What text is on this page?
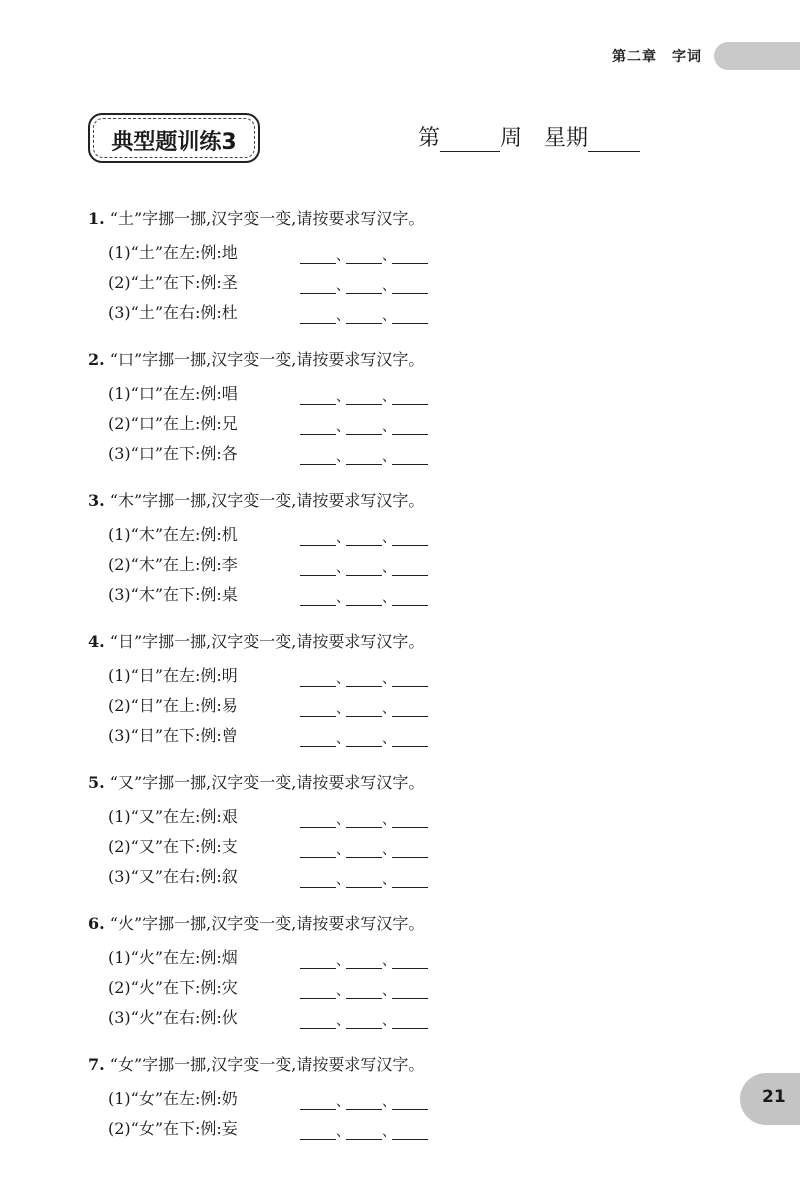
第二章　字词
典型题训练3	第	周　星期
1. “土”字挪一挪,汉字变一变,请按要求写汉字。
(1)“土”在左:例:地	、 、
(2)“土”在下:例:圣	、 、
(3)“土”在右:例:杜	、 、
2. “口”字挪一挪,汉字变一变,请按要求写汉字。
(1)“口”在左:例:唱	、 、
(2)“口”在上:例:兄	、 、
(3)“口”在下:例:各	、 、
3. “木”字挪一挪,汉字变一变,请按要求写汉字。
(1)“木”在左:例:机	、 、
(2)“木”在上:例:李	、 、
(3)“木”在下:例:桌	、 、
4. “日”字挪一挪,汉字变一变,请按要求写汉字。
(1)“日”在左:例:明	、 、
(2)“日”在上:例:易	、 、
(3)“日”在下:例:曾	、 、
5. “又”字挪一挪,汉字变一变,请按要求写汉字。
(1)“又”在左:例:艰	、 、
(2)“又”在下:例:支	、 、
(3)“又”在右:例:叙	、 、
6. “火”字挪一挪,汉字变一变,请按要求写汉字。
(1)“火”在左:例:烟	、 、
(2)“火”在下:例:灾	、 、
(3)“火”在右:例:伙	、 、
7. “女”字挪一挪,汉字变一变,请按要求写汉字。
(1)“女”在左:例:奶	、 、
(2)“女”在下:例:妄	、 、
21
